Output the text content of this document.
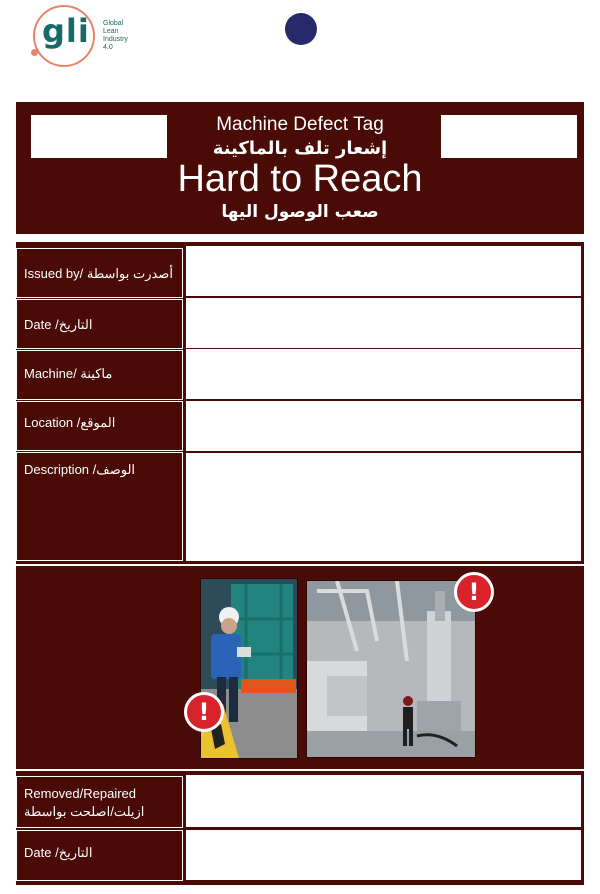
gli Global
Lean
Industry
4.0
Machine Defect Tag
إشعار تلف بالماكينة
Hard to Reach
صعب الوصول اليها
Issued by/ أصدرت بواسطة
Date /التاريخ
Machine/ ماكينة
Location /الموقع
Description /الوصف
!
!
Removed/Repaired
ازيلت/اصلحت بواسطة
Date /التاريخ
